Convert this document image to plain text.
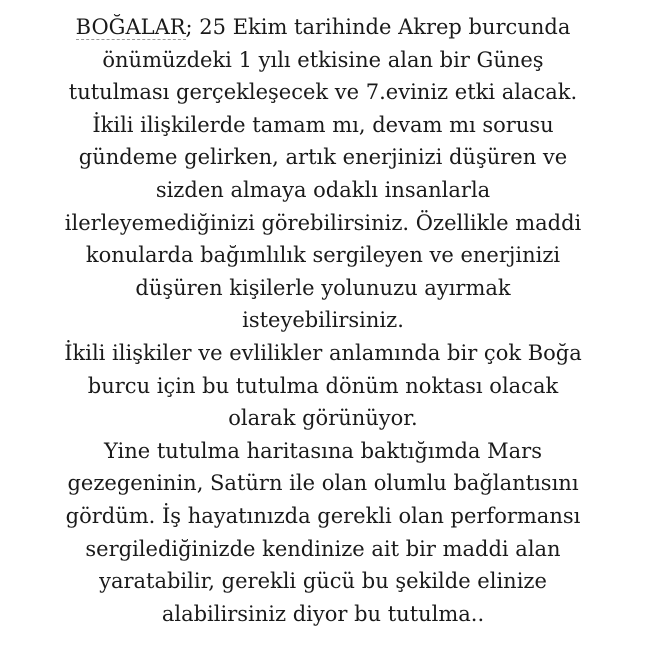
BOĞALAR; 25 Ekim tarihinde Akrep burcunda
önümüzdeki 1 yılı etkisine alan bir Güneş
tutulması gerçekleşecek ve 7.eviniz etki alacak.
İkili ilişkilerde tamam mı, devam mı sorusu
gündeme gelirken, artık enerjinizi düşüren ve
sizden almaya odaklı insanlarla
ilerleyemediğinizi görebilirsiniz. Özellikle maddi
konularda bağımlılık sergileyen ve enerjinizi
düşüren kişilerle yolunuzu ayırmak
isteyebilirsiniz.
İkili ilişkiler ve evlilikler anlamında bir çok Boğa
burcu için bu tutulma dönüm noktası olacak
olarak görünüyor.
Yine tutulma haritasına baktığımda Mars
gezegeninin, Satürn ile olan olumlu bağlantısını
gördüm. İş hayatınızda gerekli olan performansı
sergilediğinizde kendinize ait bir maddi alan
yaratabilir, gerekli gücü bu şekilde elinize
alabilirsiniz diyor bu tutulma..
